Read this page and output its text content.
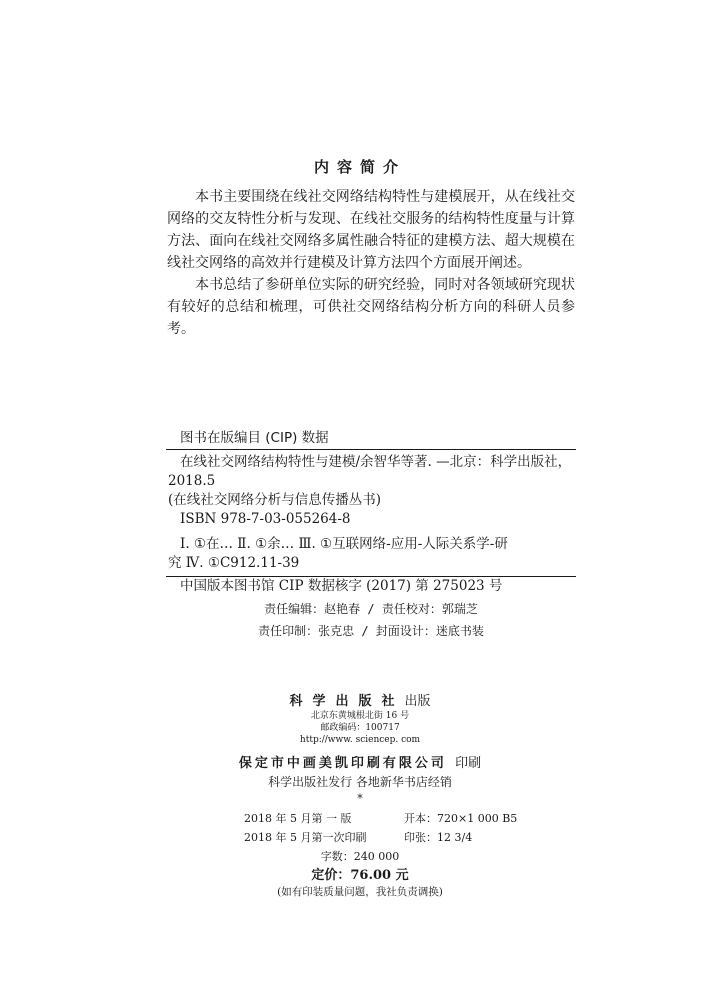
内容简介

本书主要围绕在线社交网络结构特性与建模展开，从在线社交网络的交友特性分析与发现、在线社交服务的结构特性度量与计算方法、面向在线社交网络多属性融合特征的建模方法、超大规模在线社交网络的高效并行建模及计算方法四个方面展开阐述。

本书总结了参研单位实际的研究经验，同时对各领域研究现状有较好的总结和梳理，可供社交网络结构分析方向的科研人员参考。

图书在版编目 (CIP) 数据
在线社交网络结构特性与建模/余智华等著. —北京：科学出版社，
2018.5
(在线社交网络分析与信息传播丛书)
ISBN 978-7-03-055264-8
Ⅰ. ①在… Ⅱ. ①余… Ⅲ. ①互联网络-应用-人际关系学-研
究 Ⅳ. ①C912.11-39
中国版本图书馆 CIP 数据核字 (2017) 第 275023 号
责任编辑：赵艳春 / 责任校对：郭瑞芝
责任印制：张克忠 / 封面设计：迷底书装
科学出版社出版
北京东黄城根北街 16 号
邮政编码：100717
http://www. sciencep. com
保定市中画美凯印刷有限公司 印刷
科学出版社发行 各地新华书店经销
*
2018 年 5 月第 一 版	开本：720×1 000 B5
2018 年 5 月第一次印刷	印张：12 3/4
字数：240 000
定价：76.00 元
(如有印装质量问题，我社负责调换)
